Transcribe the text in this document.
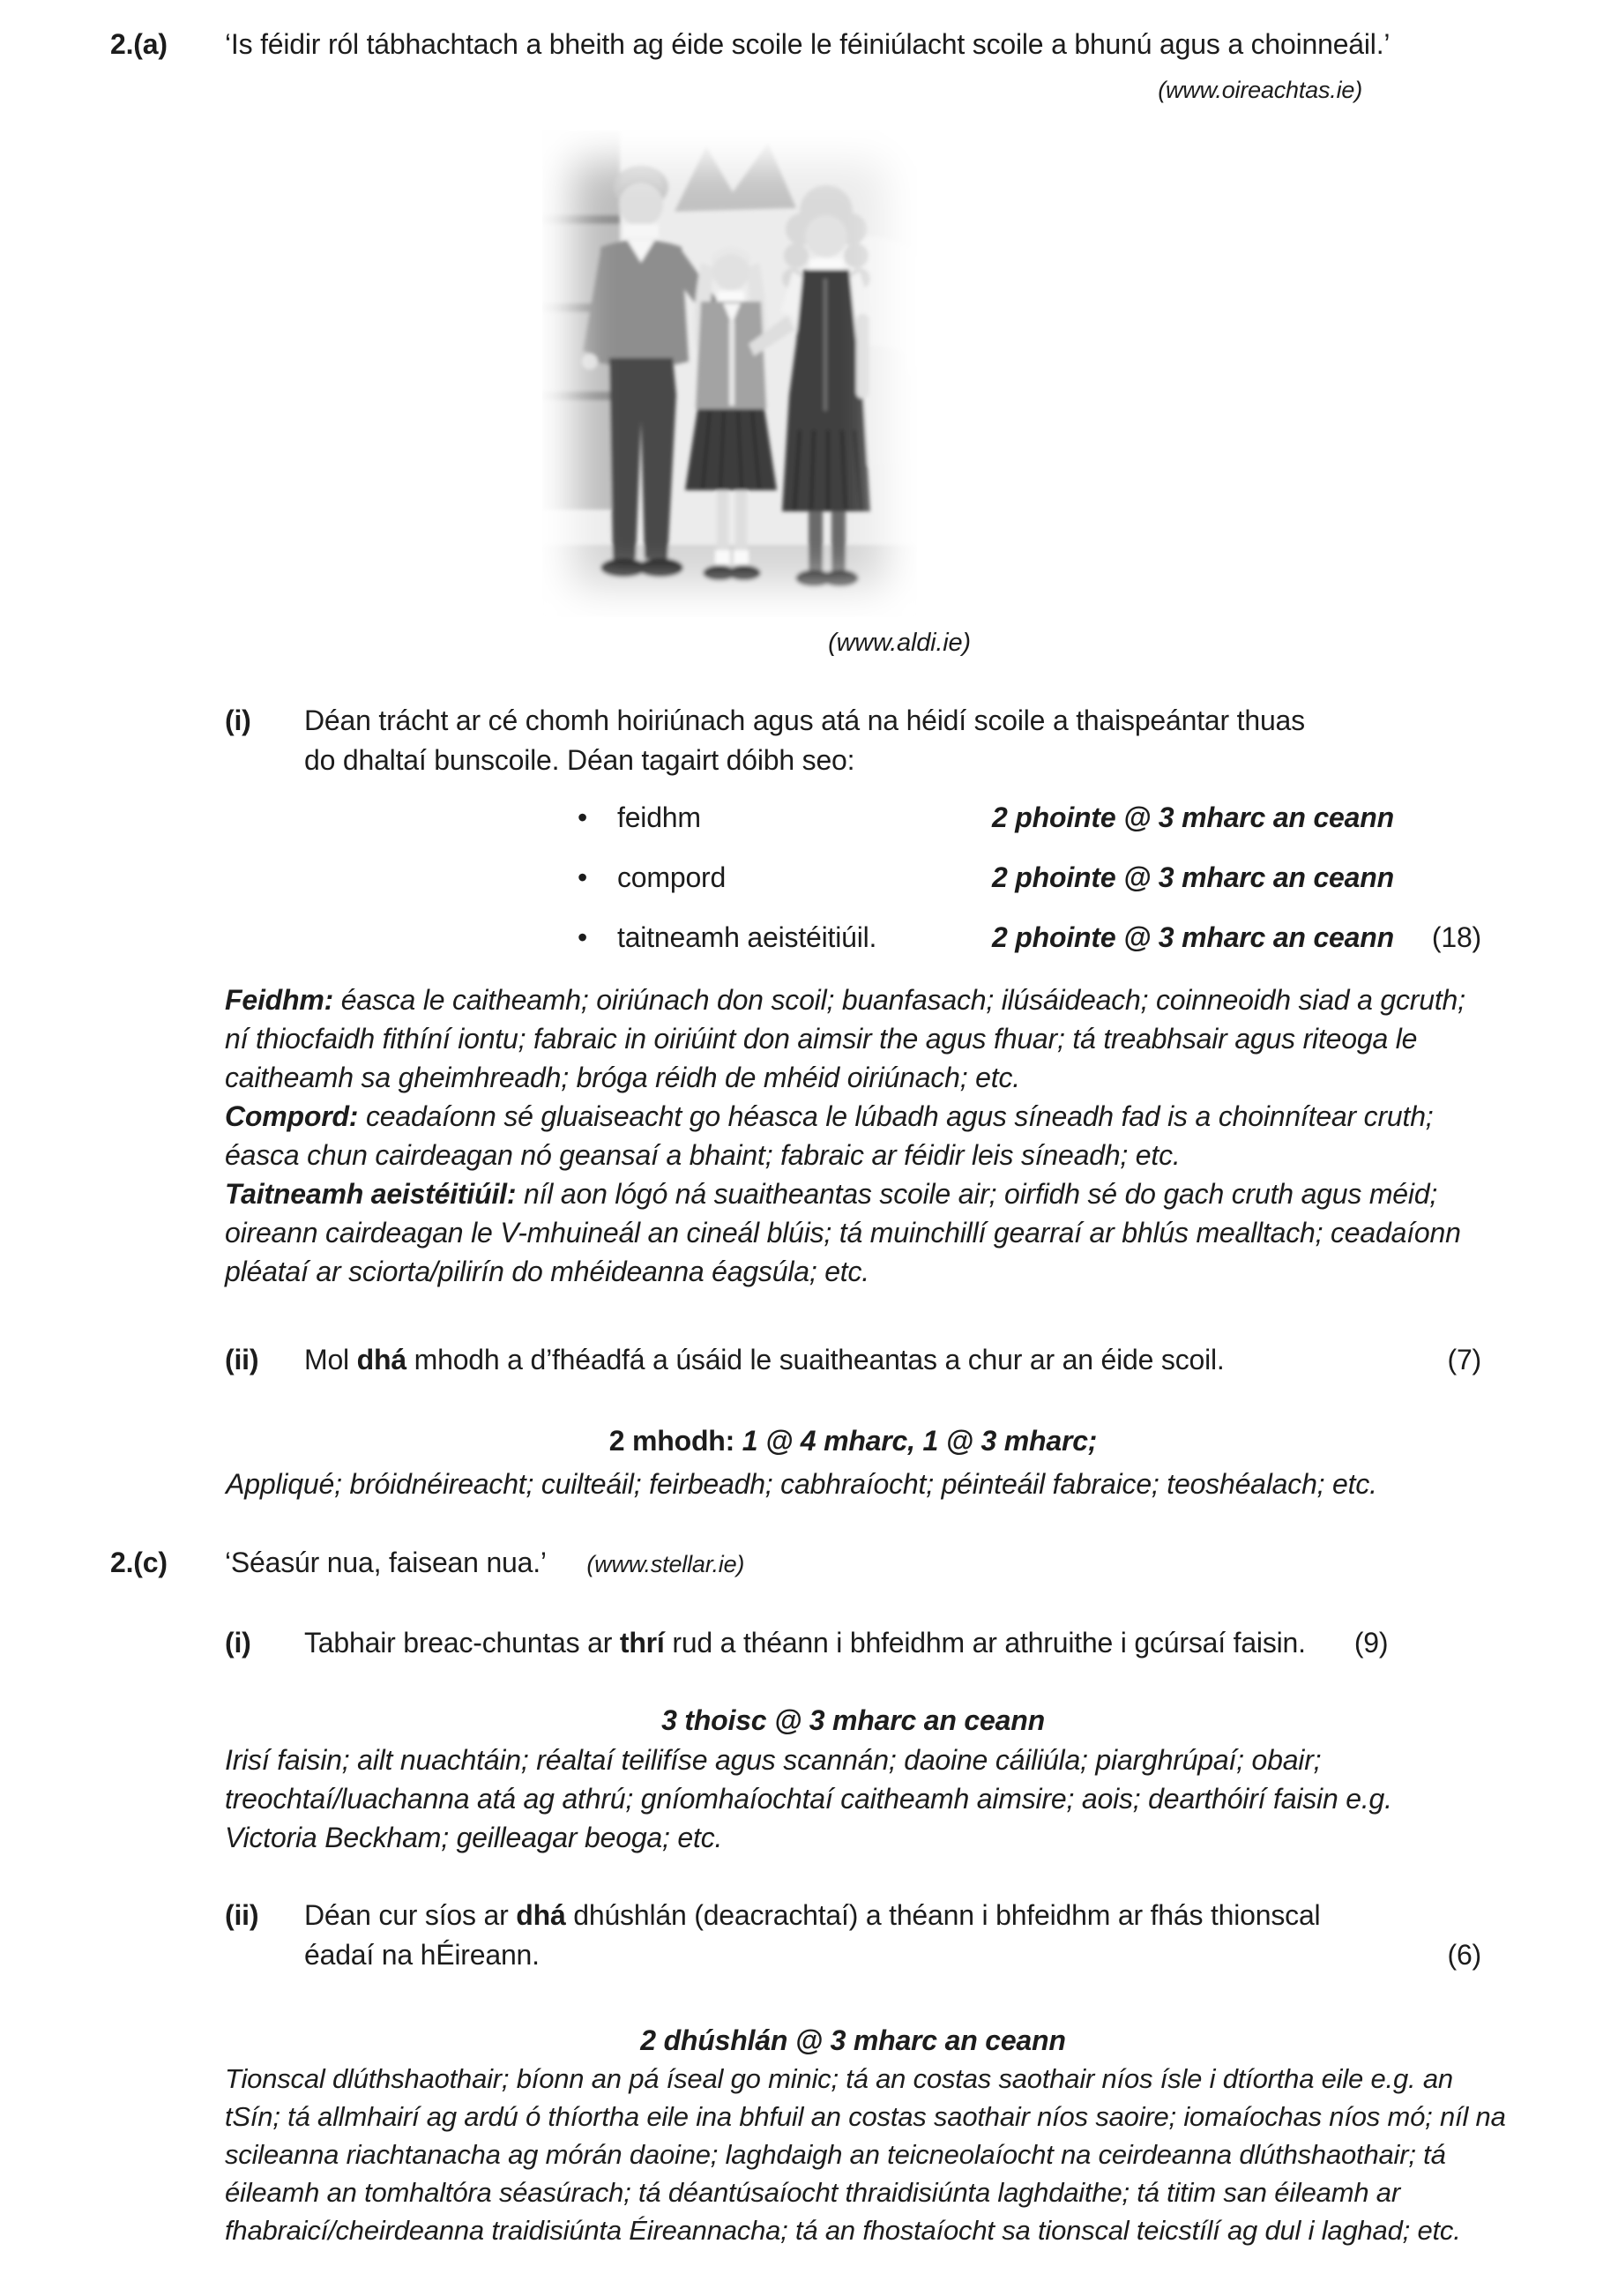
2.(a) ‘Is féidir ról tábhachtach a bheith ag éide scoile le féiniúlacht scoile a bhunú agus a choinneáil.’
(www.oireachtas.ie)
(www.aldi.ie)
(i) Déan trácht ar cé chomh hoiriúnach agus atá na héidí scoile a thaispeántar thuas
do dhaltaí bunscoile. Déan tagairt dóibh seo:
•	feidhm	2 phointe @ 3 mharc an ceann
•	compord	2 phointe @ 3 mharc an ceann
•	taitneamh aeistéitiúil.	2 phointe @ 3 mharc an ceann	(18)

Feidhm: éasca le caitheamh; oiriúnach don scoil; buanfasach; ilúsáideach; coinneoidh siad a gcruth; ní thiocfaidh fithíní iontu; fabraic in oiriúint don aimsir the agus fhuar; tá treabhsair agus riteoga le caitheamh sa gheimhreadh; bróga réidh de mhéid oiriúnach; etc.

Compord: ceadaíonn sé gluaiseacht go héasca le lúbadh agus síneadh fad is a choinnítear cruth; éasca chun cairdeagan nó geansaí a bhaint; fabraic ar féidir leis síneadh; etc.

Taitneamh aeistéitiúil: níl aon lógó ná suaitheantas scoile air; oirfidh sé do gach cruth agus méid; oireann cairdeagan le V-mhuineál an cineál blúis; tá muinchillí gearraí ar bhlús mealltach; ceadaíonn pléataí ar sciorta/pilirín do mhéideanna éagsúla; etc.

(ii) Mol dhá mhodh a d’fhéadfá a úsáid le suaitheantas a chur ar an éide scoil.	(7)
2 mhodh: 1 @ 4 mharc, 1 @ 3 mharc;
Appliqué; bróidnéireacht; cuilteáil; feirbeadh; cabhraíocht; péinteáil fabraice; teoshéalach; etc.
2.(c) ‘Séasúr nua, faisean nua.’ (www.stellar.ie)
(i) Tabhair breac-chuntas ar thrí rud a théann i bhfeidhm ar athruithe i gcúrsaí faisin. (9)
3 thoisc @ 3 mharc an ceann
Irisí faisin; ailt nuachtáin; réaltaí teilifíse agus scannán; daoine cáiliúla; piarghrúpaí; obair; treochtaí/luachanna atá ag athrú; gníomhaíochtaí caitheamh aimsire; aois; dearthóirí faisin e.g. Victoria Beckham; geilleagar beoga; etc.
(ii) Déan cur síos ar dhá dhúshlán (deacrachtaí) a théann i bhfeidhm ar fhás thionscal
éadaí na hÉireann.	(6)
2 dhúshlán @ 3 mharc an ceann
Tionscal dlúthshaothair; bíonn an pá íseal go minic; tá an costas saothair níos ísle i dtíortha eile e.g. an tSín; tá allmhairí ag ardú ó thíortha eile ina bhfuil an costas saothair níos saoire; iomaíochas níos mó; níl na scileanna riachtanacha ag mórán daoine; laghdaigh an teicneolaíocht na ceirdeanna dlúthshaothair; tá éileamh an tomhaltóra séasúrach; tá déantúsaíocht thraidisiúnta laghdaithe; tá titim san éileamh ar fhabraicí/cheirdeanna traidisiúnta Éireannacha; tá an fhostaíocht sa tionscal teicstílí ag dul i laghad; etc.
